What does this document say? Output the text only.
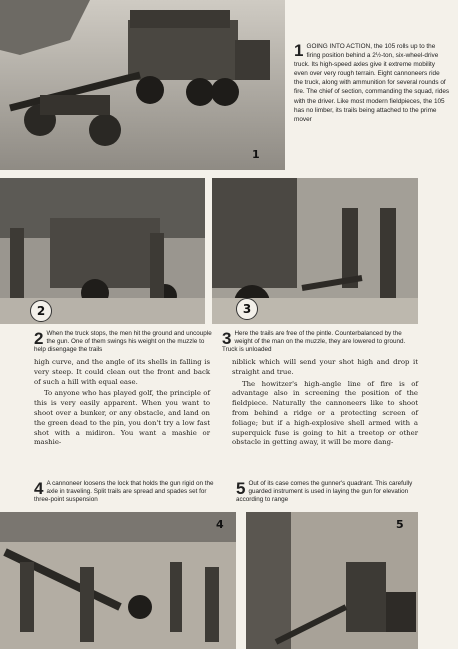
1
1 GOING INTO ACTION, the 105 rolls up to the firing position behind a 2½-ton, six-wheel-drive truck. Its high-speed axles give it extreme mobility even over very rough terrain. Eight cannoneers ride the truck, along with ammunition for several rounds of fire. The chief of section, commanding the squad, rides with the driver. Like most modern fieldpieces, the 105 has no limber, its trails being attached to the prime mover
2	3
2 When the truck stops, the men hit the ground and uncouple the gun. One of them swings his weight on the muzzle to help disengage the trails
3 Here the trails are free of the pintle. Counterbalanced by the weight of the man on the muzzle, they are lowered to ground. Truck is unloaded

high curve, and the angle of its shells in falling is very steep. It could clean out the front and back of such a hill with equal ease.

To anyone who has played golf, the principle of this is very easily apparent. When you want to shoot over a bunker, or any obstacle, and land on the green dead to the pin, you don't try a low fast shot with a midiron. You want a mashie or mashie-

niblick which will send your shot high and drop it straight and true.

The howitzer's high-angle line of fire is of advantage also in screening the position of the fieldpiece. Naturally the cannoneers like to shoot from behind a ridge or a protecting screen of foliage; but if a high-explosive shell armed with a superquick fuse is going to hit a treetop or other obstacle in getting away, it will be more dang-

4 A cannoneer loosens the lock that holds the gun rigid on the axle in traveling. Split trails are spread and spades set for three-point suspension
5 Out of its case comes the gunner's quadrant. This carefully guarded instrument is used in laying the gun for elevation according to range
4	5
